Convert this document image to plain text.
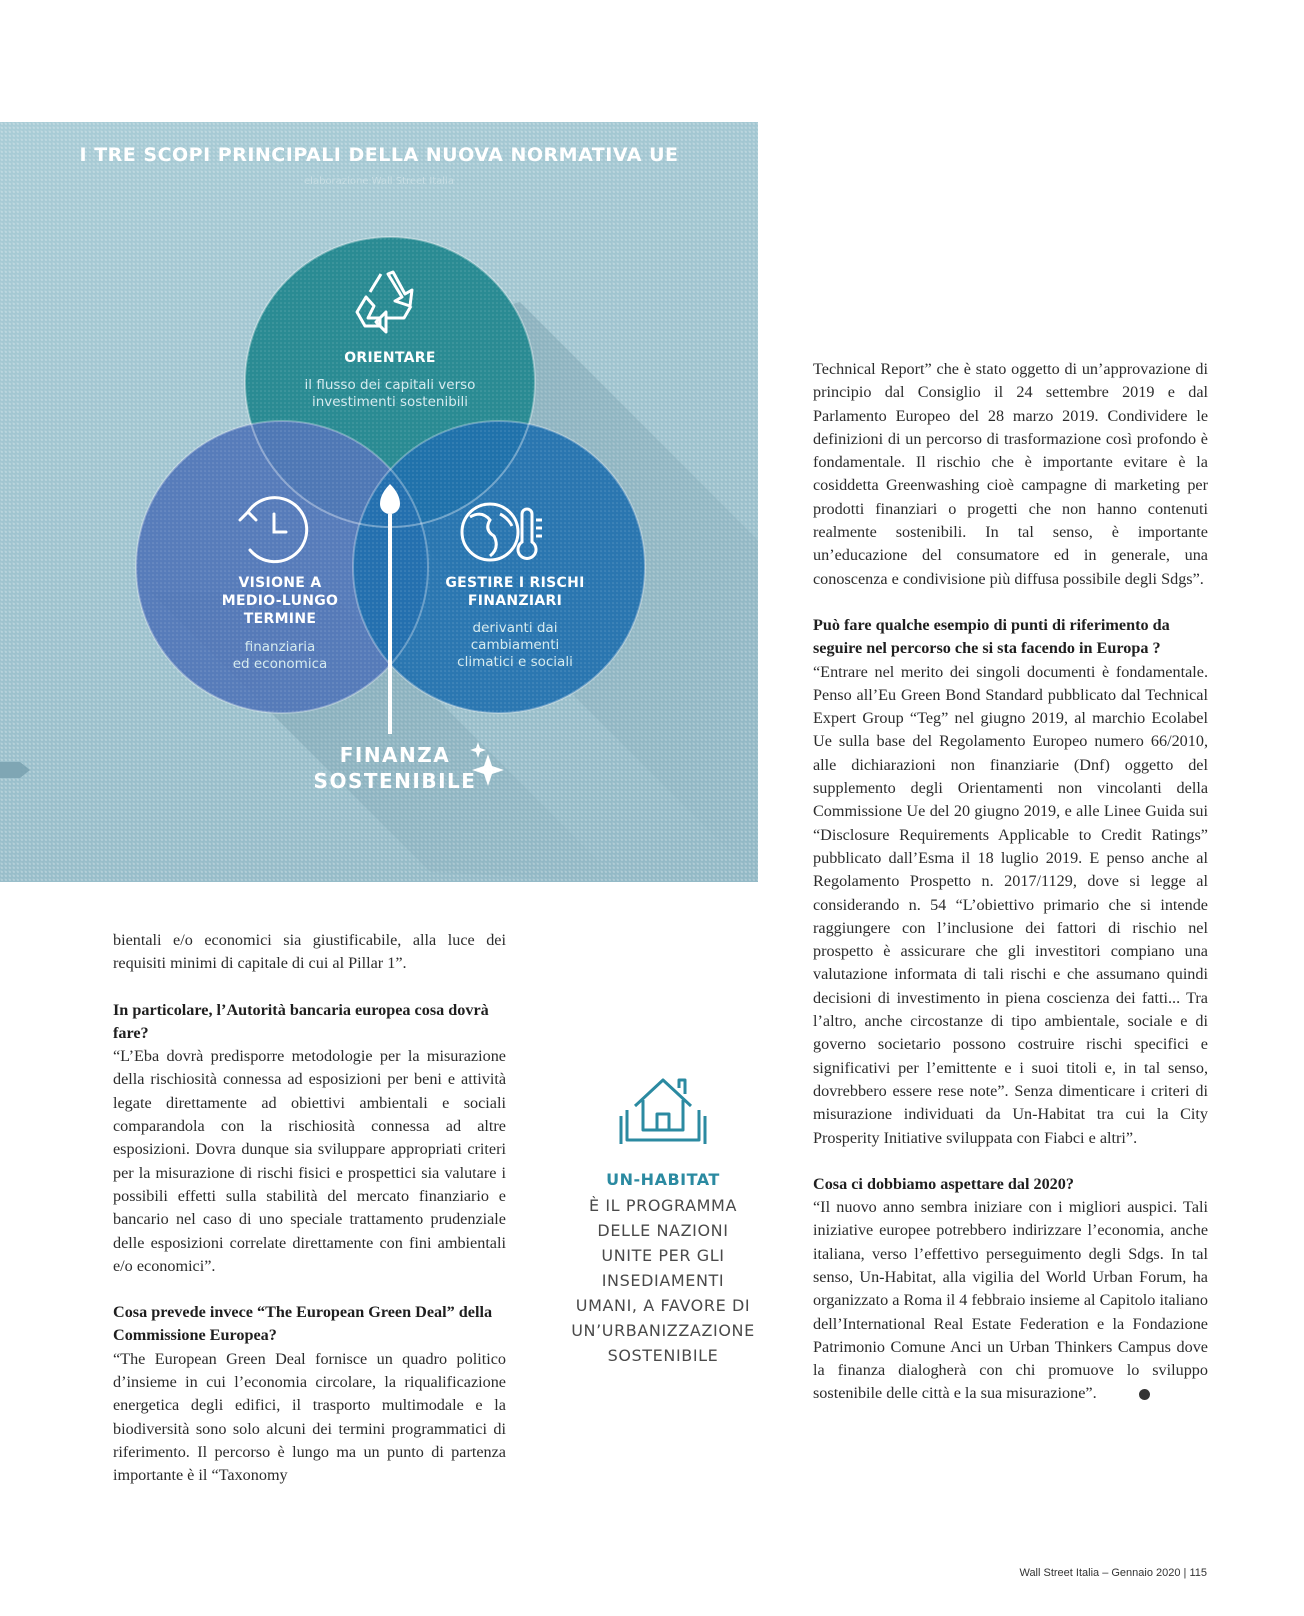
I TRE SCOPI PRINCIPALI DELLA NUOVA NORMATIVA UE
elaborazione Wall Street Italia
ORIENTARE
il flusso dei capitali verso
investimenti sostenibili
VISIONE A
MEDIO-LUNGO
TERMINE
finanziaria
ed economica
GESTIRE I RISCHI
FINANZIARI
derivanti dai
cambiamenti
climatici e sociali
FINANZA
SOSTENIBILE

bientali e/o economici sia giustificabile, alla luce dei requisiti minimi di capitale di cui al Pillar 1”.

In particolare, l’Autorità bancaria europea cosa dovrà fare?

“L’Eba dovrà predisporre metodologie per la misurazione della rischiosità connessa ad esposizioni per beni e attività legate direttamente ad obiettivi ambientali e sociali comparandola con la rischiosità connessa ad altre esposizioni. Dovra dunque sia sviluppare appropriati criteri per la misurazione di rischi fisici e prospettici sia valutare i possibili effetti sulla stabilità del mercato finanziario e bancario nel caso di uno speciale trattamento prudenziale delle esposizioni correlate direttamente con fini ambientali e/o economici”.

Cosa prevede invece “The European Green Deal” della Commissione Europea?

“The European Green Deal fornisce un quadro politico d’insieme in cui l’economia circolare, la riqualificazione energetica degli edifici, il trasporto multimodale e la biodiversità sono solo alcuni dei termini programmatici di riferimento. Il percorso è lungo ma un punto di partenza importante è il “Taxonomy

UN-HABITAT
È IL PROGRAMMA
DELLE NAZIONI
UNITE PER GLI
INSEDIAMENTI
UMANI, A FAVORE DI
UN’URBANIZZAZIONE
SOSTENIBILE

Technical Report” che è stato oggetto di un’approvazione di principio dal Consiglio il 24 settembre 2019 e dal Parlamento Europeo del 28 marzo 2019. Condividere le definizioni di un percorso di trasformazione così profondo è fondamentale. Il rischio che è importante evitare è la cosiddetta Greenwashing cioè campagne di marketing per prodotti finanziari o progetti che non hanno contenuti realmente sostenibili. In tal senso, è importante un’educazione del consumatore ed in generale, una conoscenza e condivisione più diffusa possibile degli Sdgs”.

Può fare qualche esempio di punti di riferimento da seguire nel percorso che si sta facendo in Europa ?

“Entrare nel merito dei singoli documenti è fondamentale. Penso all’Eu Green Bond Standard pubblicato dal Technical Expert Group “Teg” nel giugno 2019, al marchio Ecolabel Ue sulla base del Regolamento Europeo numero 66/2010, alle dichiarazioni non finanziarie (Dnf) oggetto del supplemento degli Orientamenti non vincolanti della Commissione Ue del 20 giugno 2019, e alle Linee Guida sui “Disclosure Requirements Applicable to Credit Ratings” pubblicato dall’Esma il 18 luglio 2019. E penso anche al Regolamento Prospetto n. 2017/1129, dove si legge al considerando n. 54 “L’obiettivo primario che si intende raggiungere con l’inclusione dei fattori di rischio nel prospetto è assicurare che gli investitori compiano una valutazione informata di tali rischi e che assumano quindi decisioni di investimento in piena coscienza dei fatti... Tra l’altro, anche circostanze di tipo ambientale, sociale e di governo societario possono costruire rischi specifici e significativi per l’emittente e i suoi titoli e, in tal senso, dovrebbero essere rese note”. Senza dimenticare i criteri di misurazione individuati da Un-Habitat tra cui la City Prosperity Initiative sviluppata con Fiabci e altri”.

Cosa ci dobbiamo aspettare dal 2020?

“Il nuovo anno sembra iniziare con i migliori auspici. Tali iniziative europee potrebbero indirizzare l’economia, anche italiana, verso l’effettivo perseguimento degli Sdgs. In tal senso, Un-Habitat, alla vigilia del World Urban Forum, ha organizzato a Roma il 4 febbraio insieme al Capitolo italiano dell’International Real Estate Federation e la Fondazione Patrimonio Comune Anci un Urban Thinkers Campus dove la finanza dialogherà con chi promuove lo sviluppo sostenibile delle città e la sua misurazione”.

Wall Street Italia – Gennaio 2020 | 115
